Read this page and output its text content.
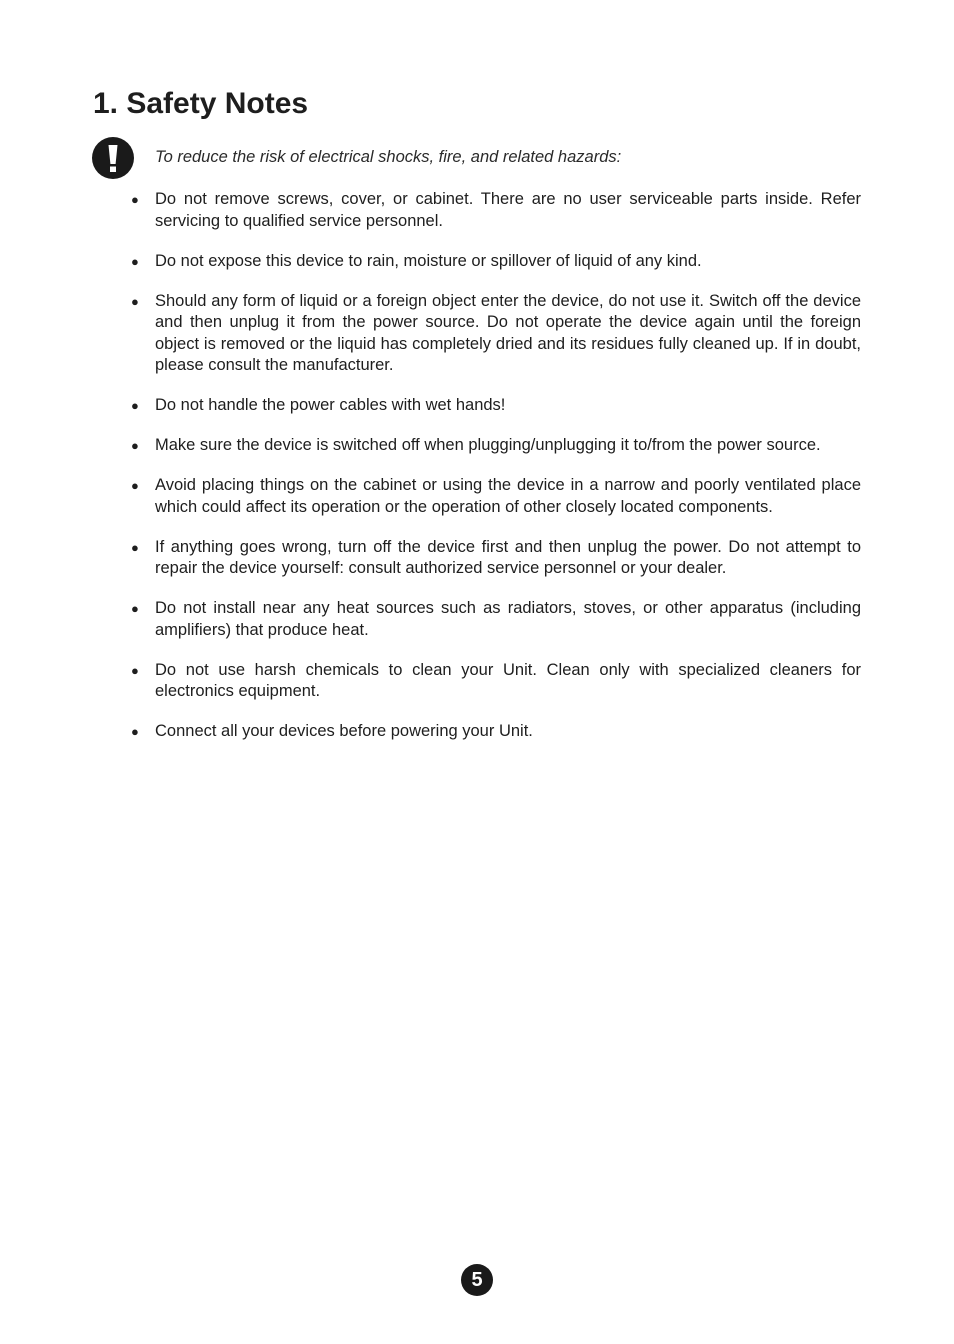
1. Safety Notes

To reduce the risk of electrical shocks, fire, and related hazards:

● Do not remove screws, cover, or cabinet. There are no user serviceable parts inside. Refer servicing to qualified service personnel.
● Do not expose this device to rain, moisture or spillover of liquid of any kind.
● Should any form of liquid or a foreign object enter the device, do not use it. Switch off the device and then unplug it from the power source. Do not operate the device again until the foreign object is removed or the liquid has completely dried and its residues fully cleaned up. If in doubt, please consult the manufacturer.
● Do not handle the power cables with wet hands!
● Make sure the device is switched off when plugging/unplugging it to/from the power source.
● Avoid placing things on the cabinet or using the device in a narrow and poorly ventilated place which could affect its operation or the operation of other closely located components.
● If anything goes wrong, turn off the device first and then unplug the power. Do not attempt to repair the device yourself: consult authorized service personnel or your dealer.
● Do not install near any heat sources such as radiators, stoves, or other apparatus (including amplifiers) that produce heat.
● Do not use harsh chemicals to clean your Unit. Clean only with specialized cleaners for electronics equipment.
● Connect all your devices before powering your Unit.
5
